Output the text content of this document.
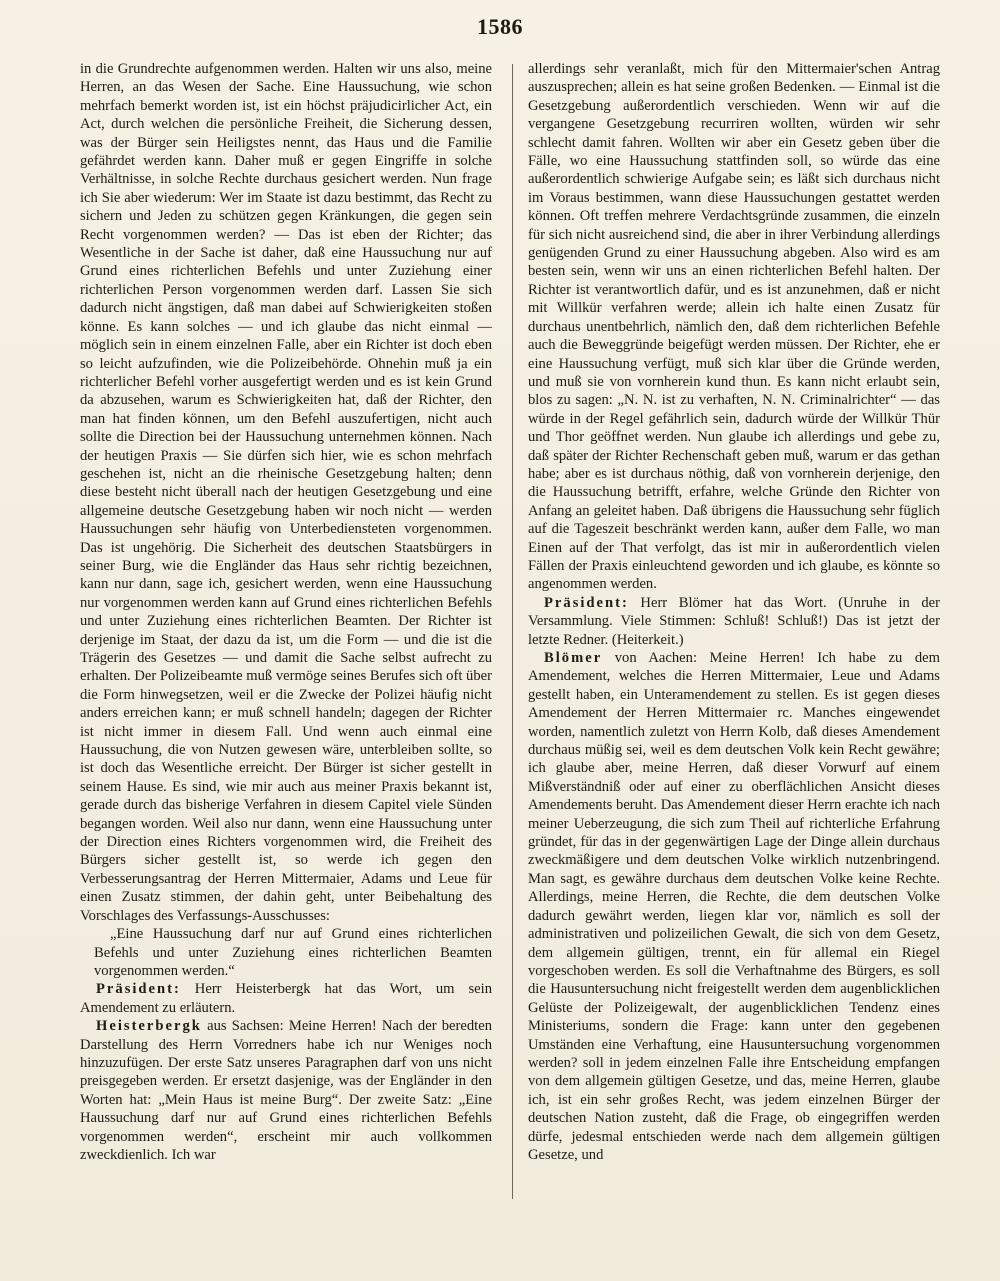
1586

in die Grundrechte aufgenommen werden. Halten wir uns also, meine Herren, an das Wesen der Sache. Eine Haussuchung, wie schon mehrfach bemerkt worden ist, ist ein höchst präjudicirlicher Act, ein Act, durch welchen die persönliche Freiheit, die Sicherung dessen, was der Bürger sein Heiligstes nennt, das Haus und die Familie gefährdet werden kann. Daher muß er gegen Eingriffe in solche Verhältnisse, in solche Rechte durchaus gesichert werden. Nun frage ich Sie aber wiederum: Wer im Staate ist dazu bestimmt, das Recht zu sichern und Jeden zu schützen gegen Kränkungen, die gegen sein Recht vorgenommen werden? — Das ist eben der Richter; das Wesentliche in der Sache ist daher, daß eine Haussuchung nur auf Grund eines richterlichen Befehls und unter Zuziehung einer richterlichen Person vorgenommen werden darf. Lassen Sie sich dadurch nicht ängstigen, daß man dabei auf Schwierigkeiten stoßen könne. Es kann solches — und ich glaube das nicht einmal — möglich sein in einem einzelnen Falle, aber ein Richter ist doch eben so leicht aufzufinden, wie die Polizeibehörde. Ohnehin muß ja ein richterlicher Befehl vorher ausgefertigt werden und es ist kein Grund da abzusehen, warum es Schwierigkeiten hat, daß der Richter, den man hat finden können, um den Befehl auszufertigen, nicht auch sollte die Direction bei der Haussuchung unternehmen können. Nach der heutigen Praxis — Sie dürfen sich hier, wie es schon mehrfach geschehen ist, nicht an die rheinische Gesetzgebung halten; denn diese besteht nicht überall nach der heutigen Gesetzgebung und eine allgemeine deutsche Gesetzgebung haben wir noch nicht — werden Haussuchungen sehr häufig von Unterbediensteten vorgenommen. Das ist ungehörig. Die Sicherheit des deutschen Staatsbürgers in seiner Burg, wie die Engländer das Haus sehr richtig bezeichnen, kann nur dann, sage ich, gesichert werden, wenn eine Haussuchung nur vorgenommen werden kann auf Grund eines richterlichen Befehls und unter Zuziehung eines richterlichen Beamten. Der Richter ist derjenige im Staat, der dazu da ist, um die Form — und die ist die Trägerin des Gesetzes — und damit die Sache selbst aufrecht zu erhalten. Der Polizeibeamte muß vermöge seines Berufes sich oft über die Form hinwegsetzen, weil er die Zwecke der Polizei häufig nicht anders erreichen kann; er muß schnell handeln; dagegen der Richter ist nicht immer in diesem Fall. Und wenn auch einmal eine Haussuchung, die von Nutzen gewesen wäre, unterbleiben sollte, so ist doch das Wesentliche erreicht. Der Bürger ist sicher gestellt in seinem Hause. Es sind, wie mir auch aus meiner Praxis bekannt ist, gerade durch das bisherige Verfahren in diesem Capitel viele Sünden begangen worden. Weil also nur dann, wenn eine Haussuchung unter der Direction eines Richters vorgenommen wird, die Freiheit des Bürgers sicher gestellt ist, so werde ich gegen den Verbesserungsantrag der Herren Mittermaier, Adams und Leue für einen Zusatz stimmen, der dahin geht, unter Beibehaltung des Vorschlages des Verfassungs-Ausschusses:

„Eine Haussuchung darf nur auf Grund eines richterlichen Befehls und unter Zuziehung eines richterlichen Beamten vorgenommen werden.“

Präsident: Herr Heisterbergk hat das Wort, um sein Amendement zu erläutern.

Heisterbergk aus Sachsen: Meine Herren! Nach der beredten Darstellung des Herrn Vorredners habe ich nur Weniges noch hinzuzufügen. Der erste Satz unseres Paragraphen darf von uns nicht preisgegeben werden. Er ersetzt dasjenige, was der Engländer in den Worten hat: „Mein Haus ist meine Burg“. Der zweite Satz: „Eine Haussuchung darf nur auf Grund eines richterlichen Befehls vorgenommen werden“, erscheint mir auch vollkommen zweckdienlich. Ich war

allerdings sehr veranlaßt, mich für den Mittermaier'schen Antrag auszusprechen; allein es hat seine großen Bedenken. — Einmal ist die Gesetzgebung außerordentlich verschieden. Wenn wir auf die vergangene Gesetzgebung recurriren wollten, würden wir sehr schlecht damit fahren. Wollten wir aber ein Gesetz geben über die Fälle, wo eine Haussuchung stattfinden soll, so würde das eine außerordentlich schwierige Aufgabe sein; es läßt sich durchaus nicht im Voraus bestimmen, wann diese Haussuchungen gestattet werden können. Oft treffen mehrere Verdachtsgründe zusammen, die einzeln für sich nicht ausreichend sind, die aber in ihrer Verbindung allerdings genügenden Grund zu einer Haussuchung abgeben. Also wird es am besten sein, wenn wir uns an einen richterlichen Befehl halten. Der Richter ist verantwortlich dafür, und es ist anzunehmen, daß er nicht mit Willkür verfahren werde; allein ich halte einen Zusatz für durchaus unentbehrlich, nämlich den, daß dem richterlichen Befehle auch die Beweggründe beigefügt werden müssen. Der Richter, ehe er eine Haussuchung verfügt, muß sich klar über die Gründe werden, und muß sie von vornherein kund thun. Es kann nicht erlaubt sein, blos zu sagen: „N. N. ist zu verhaften, N. N. Criminalrichter“ — das würde in der Regel gefährlich sein, dadurch würde der Willkür Thür und Thor geöffnet werden. Nun glaube ich allerdings und gebe zu, daß später der Richter Rechenschaft geben muß, warum er das gethan habe; aber es ist durchaus nöthig, daß von vornherein derjenige, den die Haussuchung betrifft, erfahre, welche Gründe den Richter von Anfang an geleitet haben. Daß übrigens die Haussuchung sehr füglich auf die Tageszeit beschränkt werden kann, außer dem Falle, wo man Einen auf der That verfolgt, das ist mir in außerordentlich vielen Fällen der Praxis einleuchtend geworden und ich glaube, es könnte so angenommen werden.

Präsident: Herr Blömer hat das Wort. (Unruhe in der Versammlung. Viele Stimmen: Schluß! Schluß!) Das ist jetzt der letzte Redner. (Heiterkeit.)

Blömer von Aachen: Meine Herren! Ich habe zu dem Amendement, welches die Herren Mittermaier, Leue und Adams gestellt haben, ein Unteramendement zu stellen. Es ist gegen dieses Amendement der Herren Mittermaier rc. Manches eingewendet worden, namentlich zuletzt von Herrn Kolb, daß dieses Amendement durchaus müßig sei, weil es dem deutschen Volk kein Recht gewähre; ich glaube aber, meine Herren, daß dieser Vorwurf auf einem Mißverständniß oder auf einer zu oberflächlichen Ansicht dieses Amendements beruht. Das Amendement dieser Herrn erachte ich nach meiner Ueberzeugung, die sich zum Theil auf richterliche Erfahrung gründet, für das in der gegenwärtigen Lage der Dinge allein durchaus zweckmäßigere und dem deutschen Volke wirklich nutzenbringend. Man sagt, es gewähre durchaus dem deutschen Volke keine Rechte. Allerdings, meine Herren, die Rechte, die dem deutschen Volke dadurch gewährt werden, liegen klar vor, nämlich es soll der administrativen und polizeilichen Gewalt, die sich von dem Gesetz, dem allgemein gültigen, trennt, ein für allemal ein Riegel vorgeschoben werden. Es soll die Verhaftnahme des Bürgers, es soll die Hausuntersuchung nicht freigestellt werden dem augenblicklichen Gelüste der Polizeigewalt, der augenblicklichen Tendenz eines Ministeriums, sondern die Frage: kann unter den gegebenen Umständen eine Verhaftung, eine Hausuntersuchung vorgenommen werden? soll in jedem einzelnen Falle ihre Entscheidung empfangen von dem allgemein gültigen Gesetze, und das, meine Herren, glaube ich, ist ein sehr großes Recht, was jedem einzelnen Bürger der deutschen Nation zusteht, daß die Frage, ob eingegriffen werden dürfe, jedesmal entschieden werde nach dem allgemein gültigen Gesetze, und
